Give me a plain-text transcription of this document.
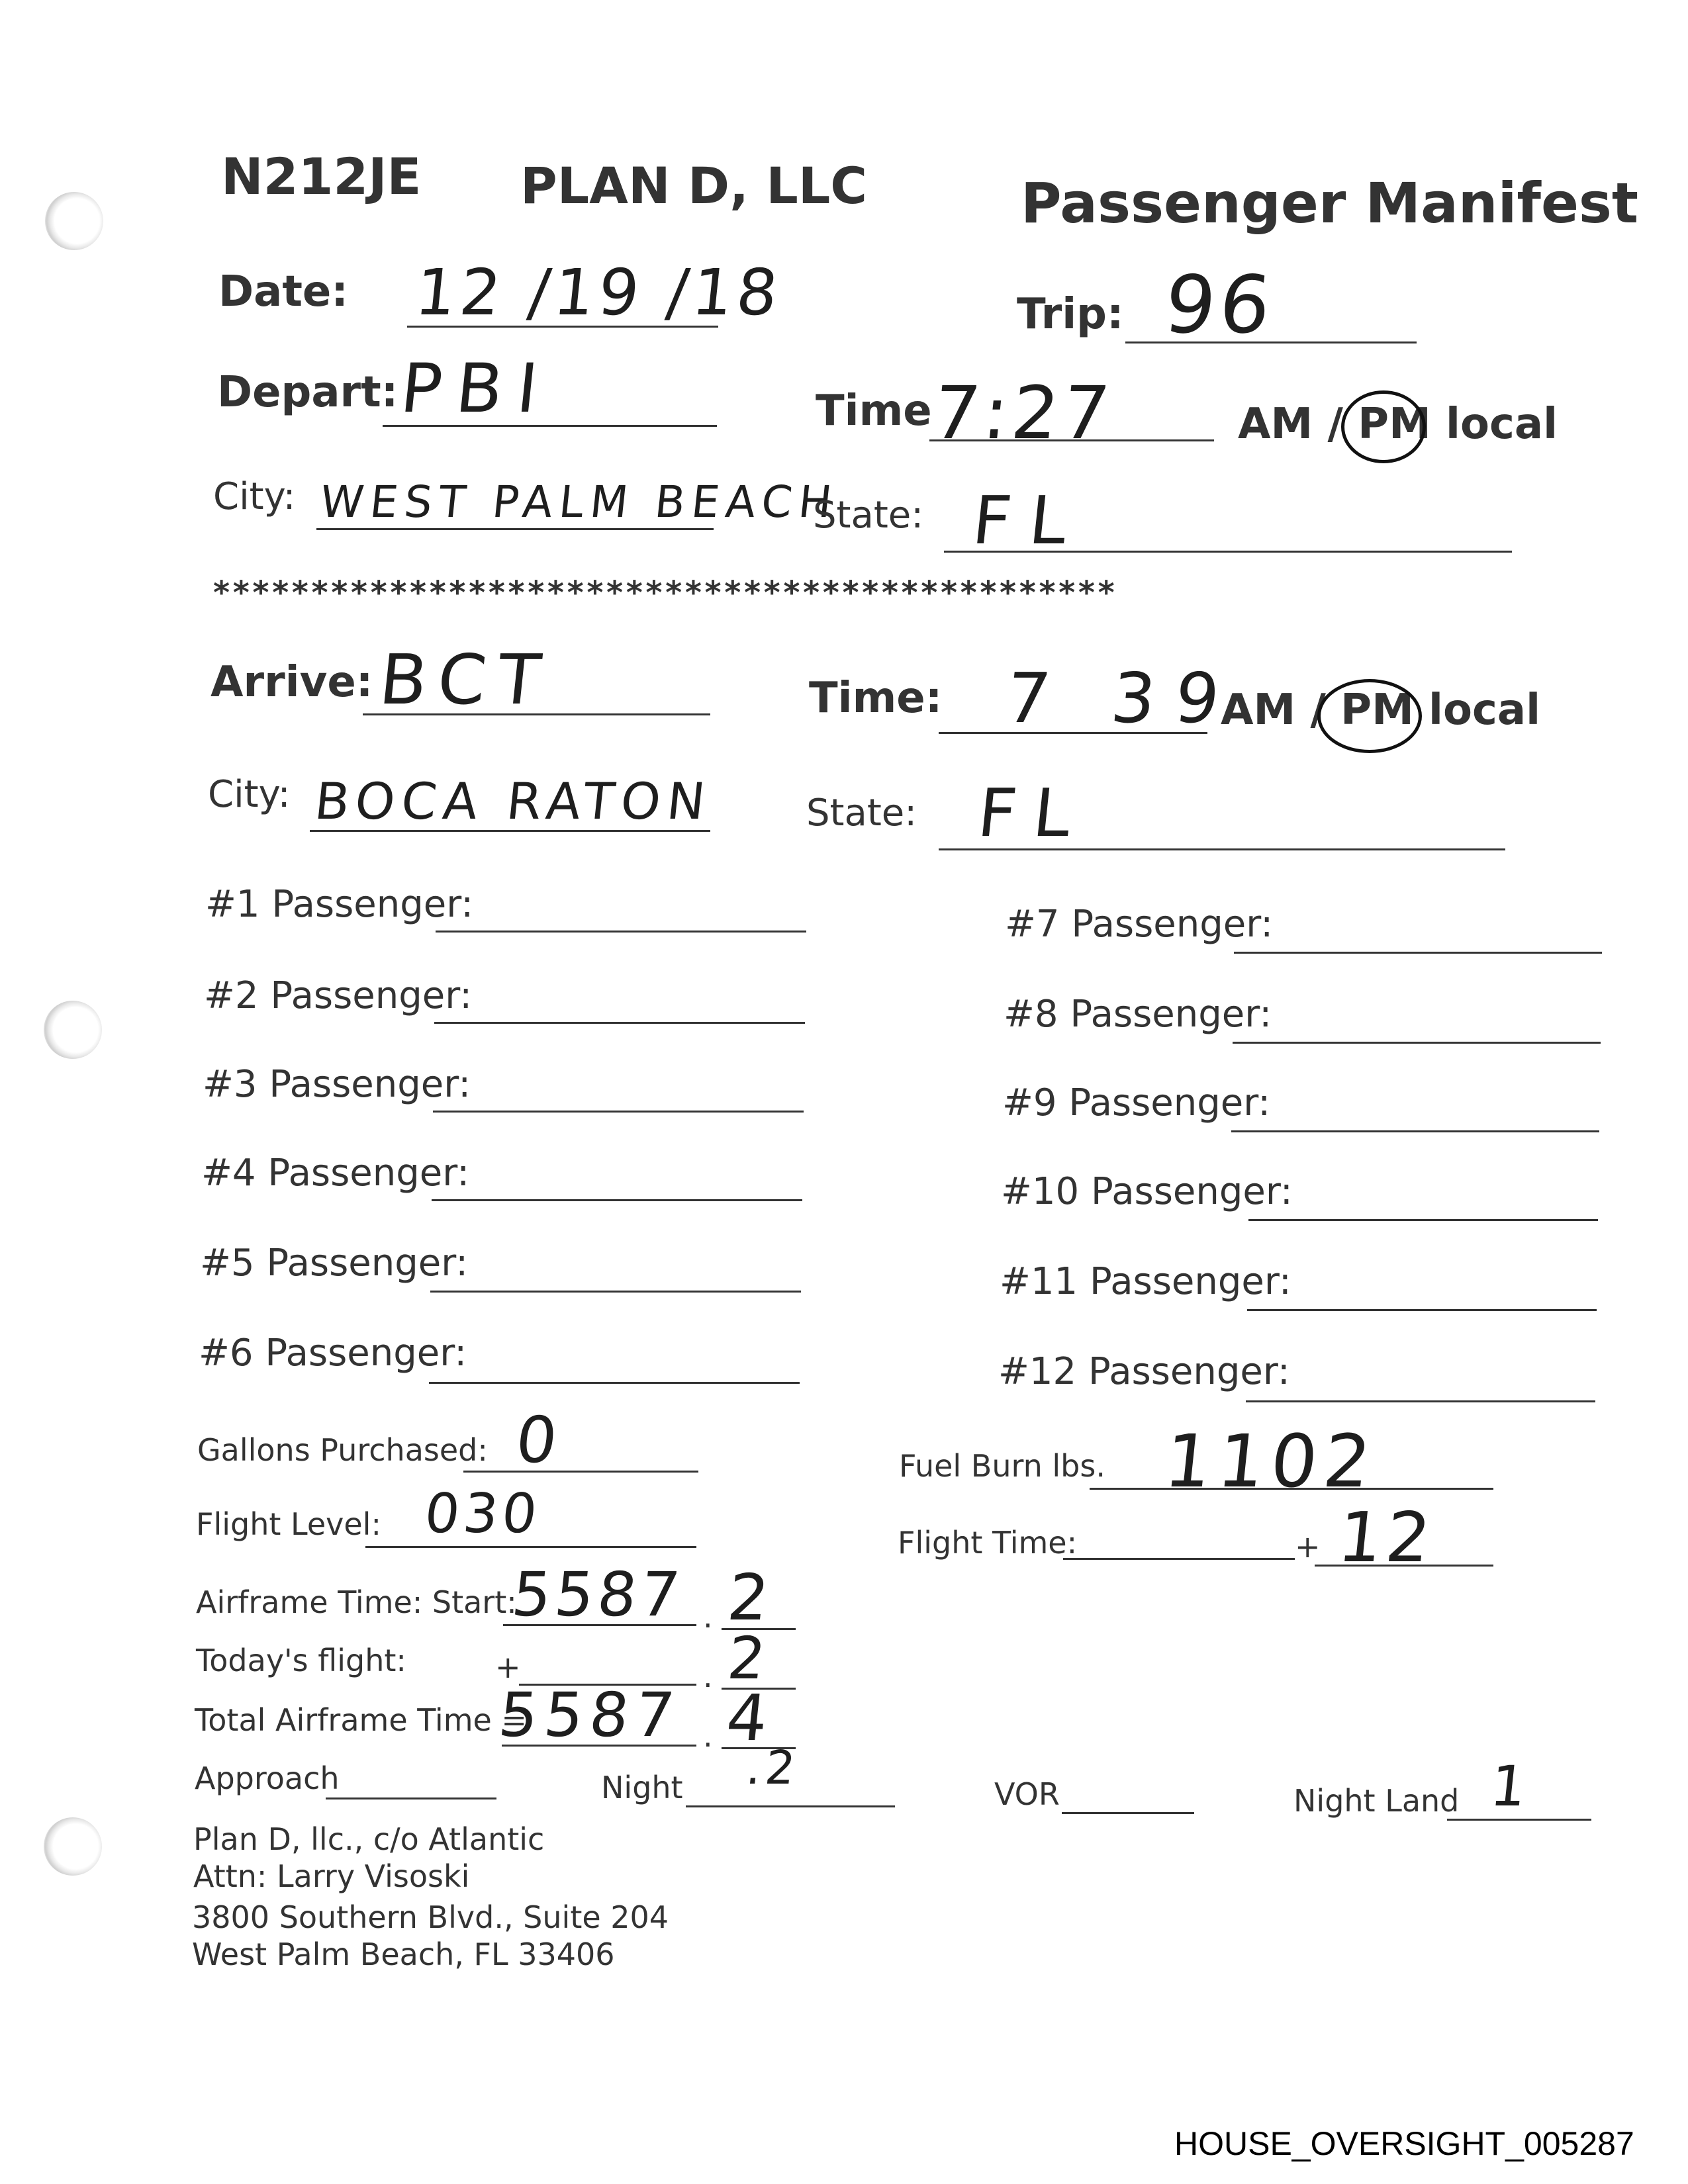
N212JE PLAN D, LLC	Passenger Manifest
Date: 12 /19 /18	Trip: 96
Depart:
PBI	Time
7:27	AM / PM local
City: WEST PALM BEACH
State: FL
**********************************************
Arrive: BCT	Time: 7 39
AM / PM local
City: BOCA RATON State: FL
#1 Passenger:
#2 Passenger:
#3 Passenger:
#4 Passenger:
#5 Passenger:
#6 Passenger:
#7 Passenger:
#8 Passenger:
#9 Passenger:
#10 Passenger:
#11 Passenger:
#12 Passenger:
Gallons Purchased: 0	Fuel Burn lbs. 1102
Flight Level: 030	Flight Time:	+ 12
Airframe Time: Start:
5587 . 2
Today's flight:	+	. 2
Total Airframe Time =
5587 . 4
Approach	Night .2	VOR	Night Land 1
Plan D, llc., c/o Atlantic
Attn: Larry Visoski
3800 Southern Blvd., Suite 204
West Palm Beach, FL 33406
HOUSE_OVERSIGHT_005287
